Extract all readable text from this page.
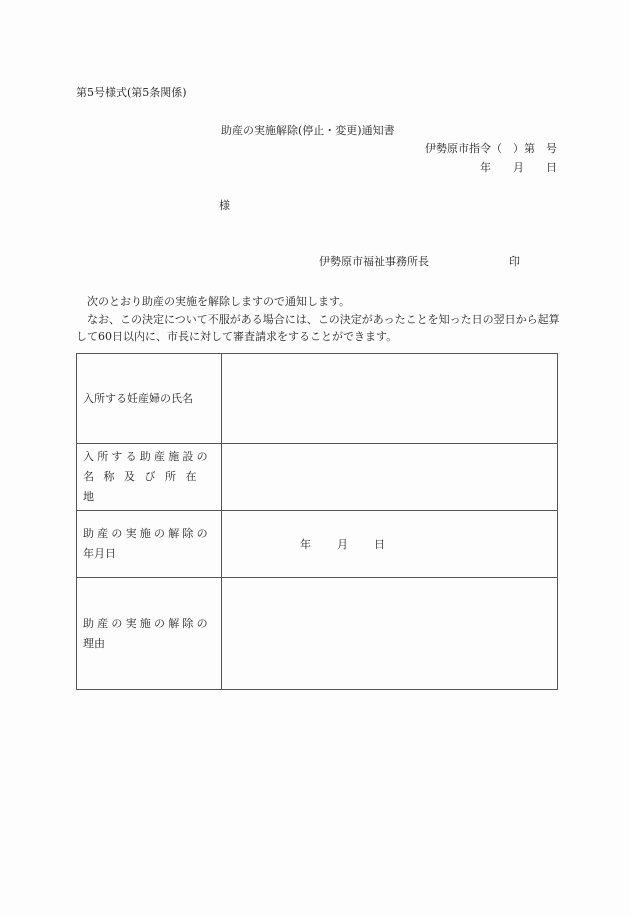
第5号様式(第5条関係)
助産の実施解除(停止・変更)通知書
伊勢原市指令（　）第　号
年 月 日
様
伊勢原市福祉事務所長	印

　次のとおり助産の実施を解除しますので通知します。

　なお、この決定について不服がある場合には、この決定があったことを知った日の翌日から起算して60日以内に、市長に対して審査請求をすることができます。

入所する妊産婦の氏名	

入所する助産施設の
名称及び所在地	

助産の実施の解除の
年月日	年 月 日

助産の実施の解除の
理由	
